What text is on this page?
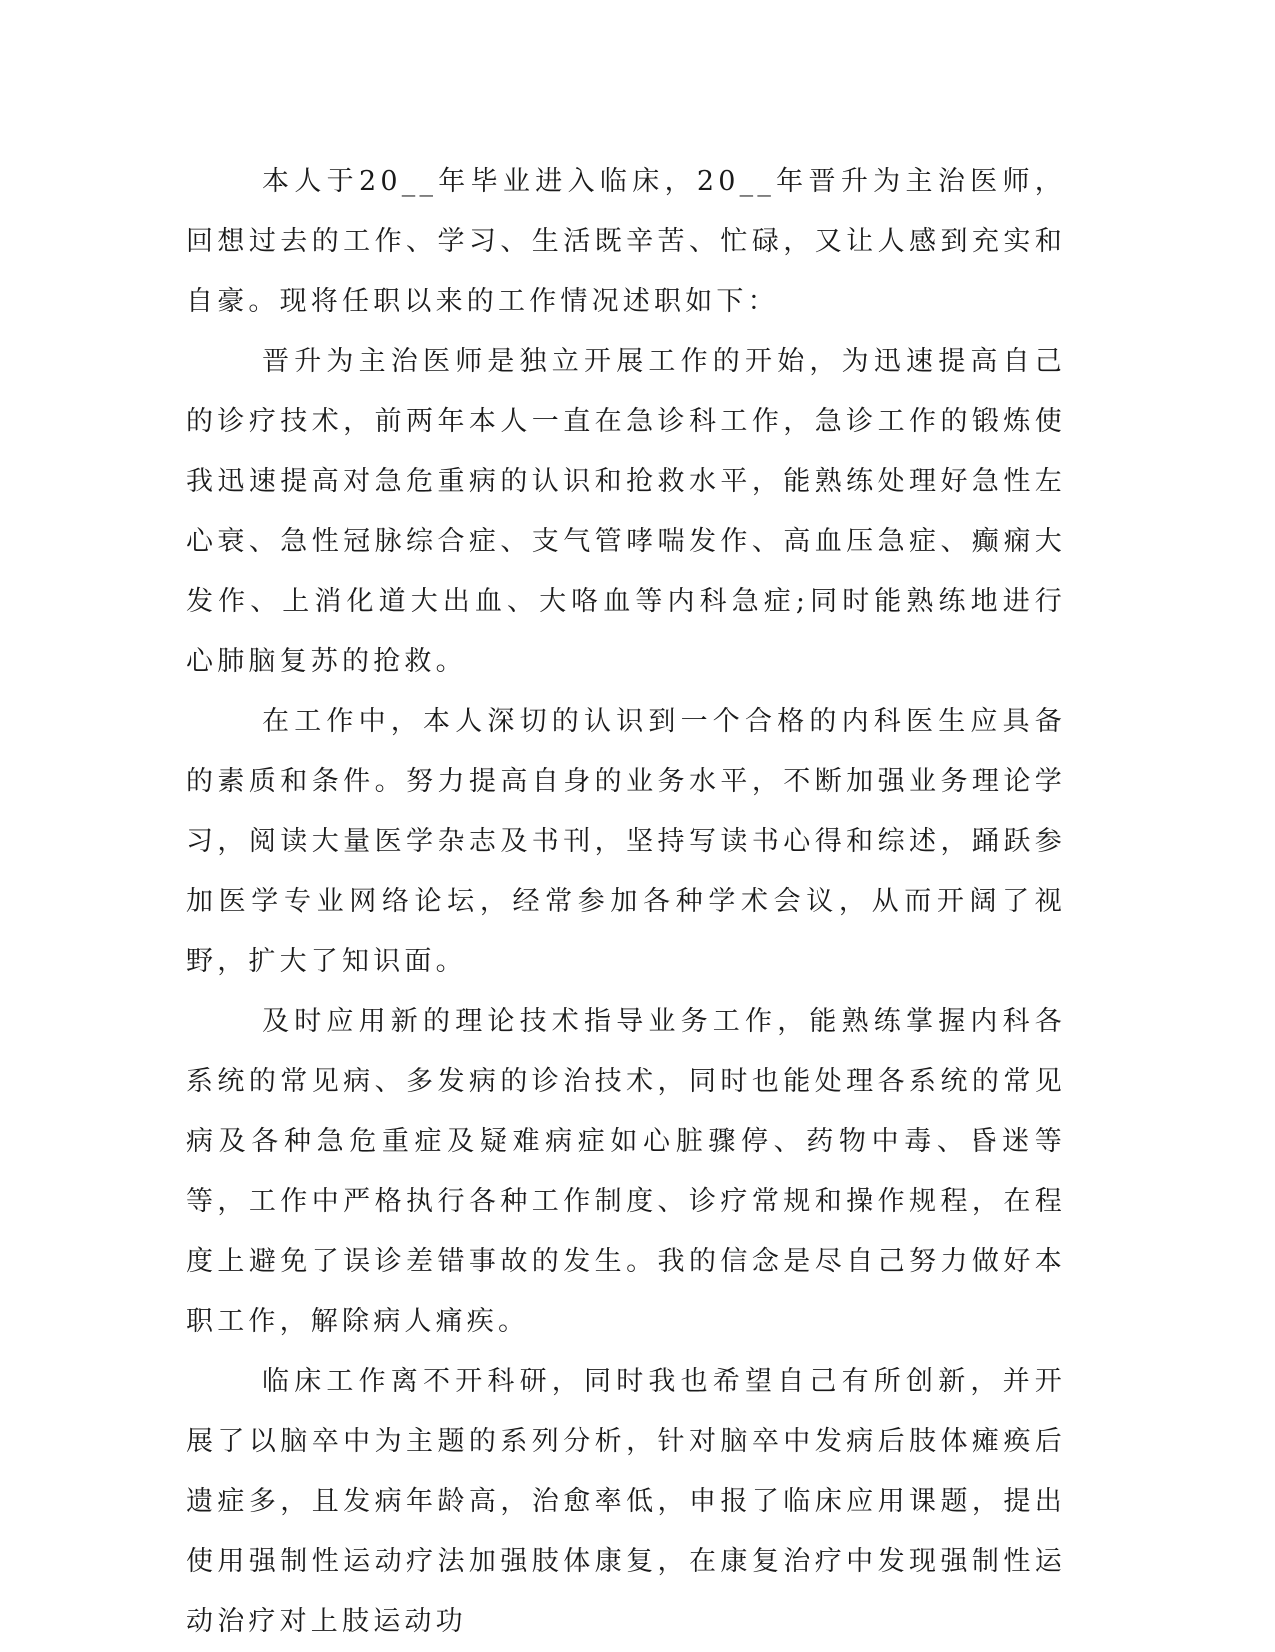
本人于20__年毕业进入临床，20__年晋升为主治医师，回想过去的工作、学习、生活既辛苦、忙碌，又让人感到充实和自豪。现将任职以来的工作情况述职如下：

晋升为主治医师是独立开展工作的开始，为迅速提高自己的诊疗技术，前两年本人一直在急诊科工作，急诊工作的锻炼使我迅速提高对急危重病的认识和抢救水平，能熟练处理好急性左心衰、急性冠脉综合症、支气管哮喘发作、高血压急症、癫痫大发作、上消化道大出血、大咯血等内科急症;同时能熟练地进行心肺脑复苏的抢救。

在工作中，本人深切的认识到一个合格的内科医生应具备的素质和条件。努力提高自身的业务水平，不断加强业务理论学习，阅读大量医学杂志及书刊，坚持写读书心得和综述，踊跃参加医学专业网络论坛，经常参加各种学术会议，从而开阔了视野，扩大了知识面。

及时应用新的理论技术指导业务工作，能熟练掌握内科各系统的常见病、多发病的诊治技术，同时也能处理各系统的常见病及各种急危重症及疑难病症如心脏骤停、药物中毒、昏迷等等，工作中严格执行各种工作制度、诊疗常规和操作规程，在程度上避免了误诊差错事故的发生。我的信念是尽自己努力做好本职工作，解除病人痛疾。

临床工作离不开科研，同时我也希望自己有所创新，并开展了以脑卒中为主题的系列分析，针对脑卒中发病后肢体瘫痪后遗症多，且发病年龄高，治愈率低，申报了临床应用课题，提出使用强制性运动疗法加强肢体康复，在康复治疗中发现强制性运动治疗对上肢运动功
